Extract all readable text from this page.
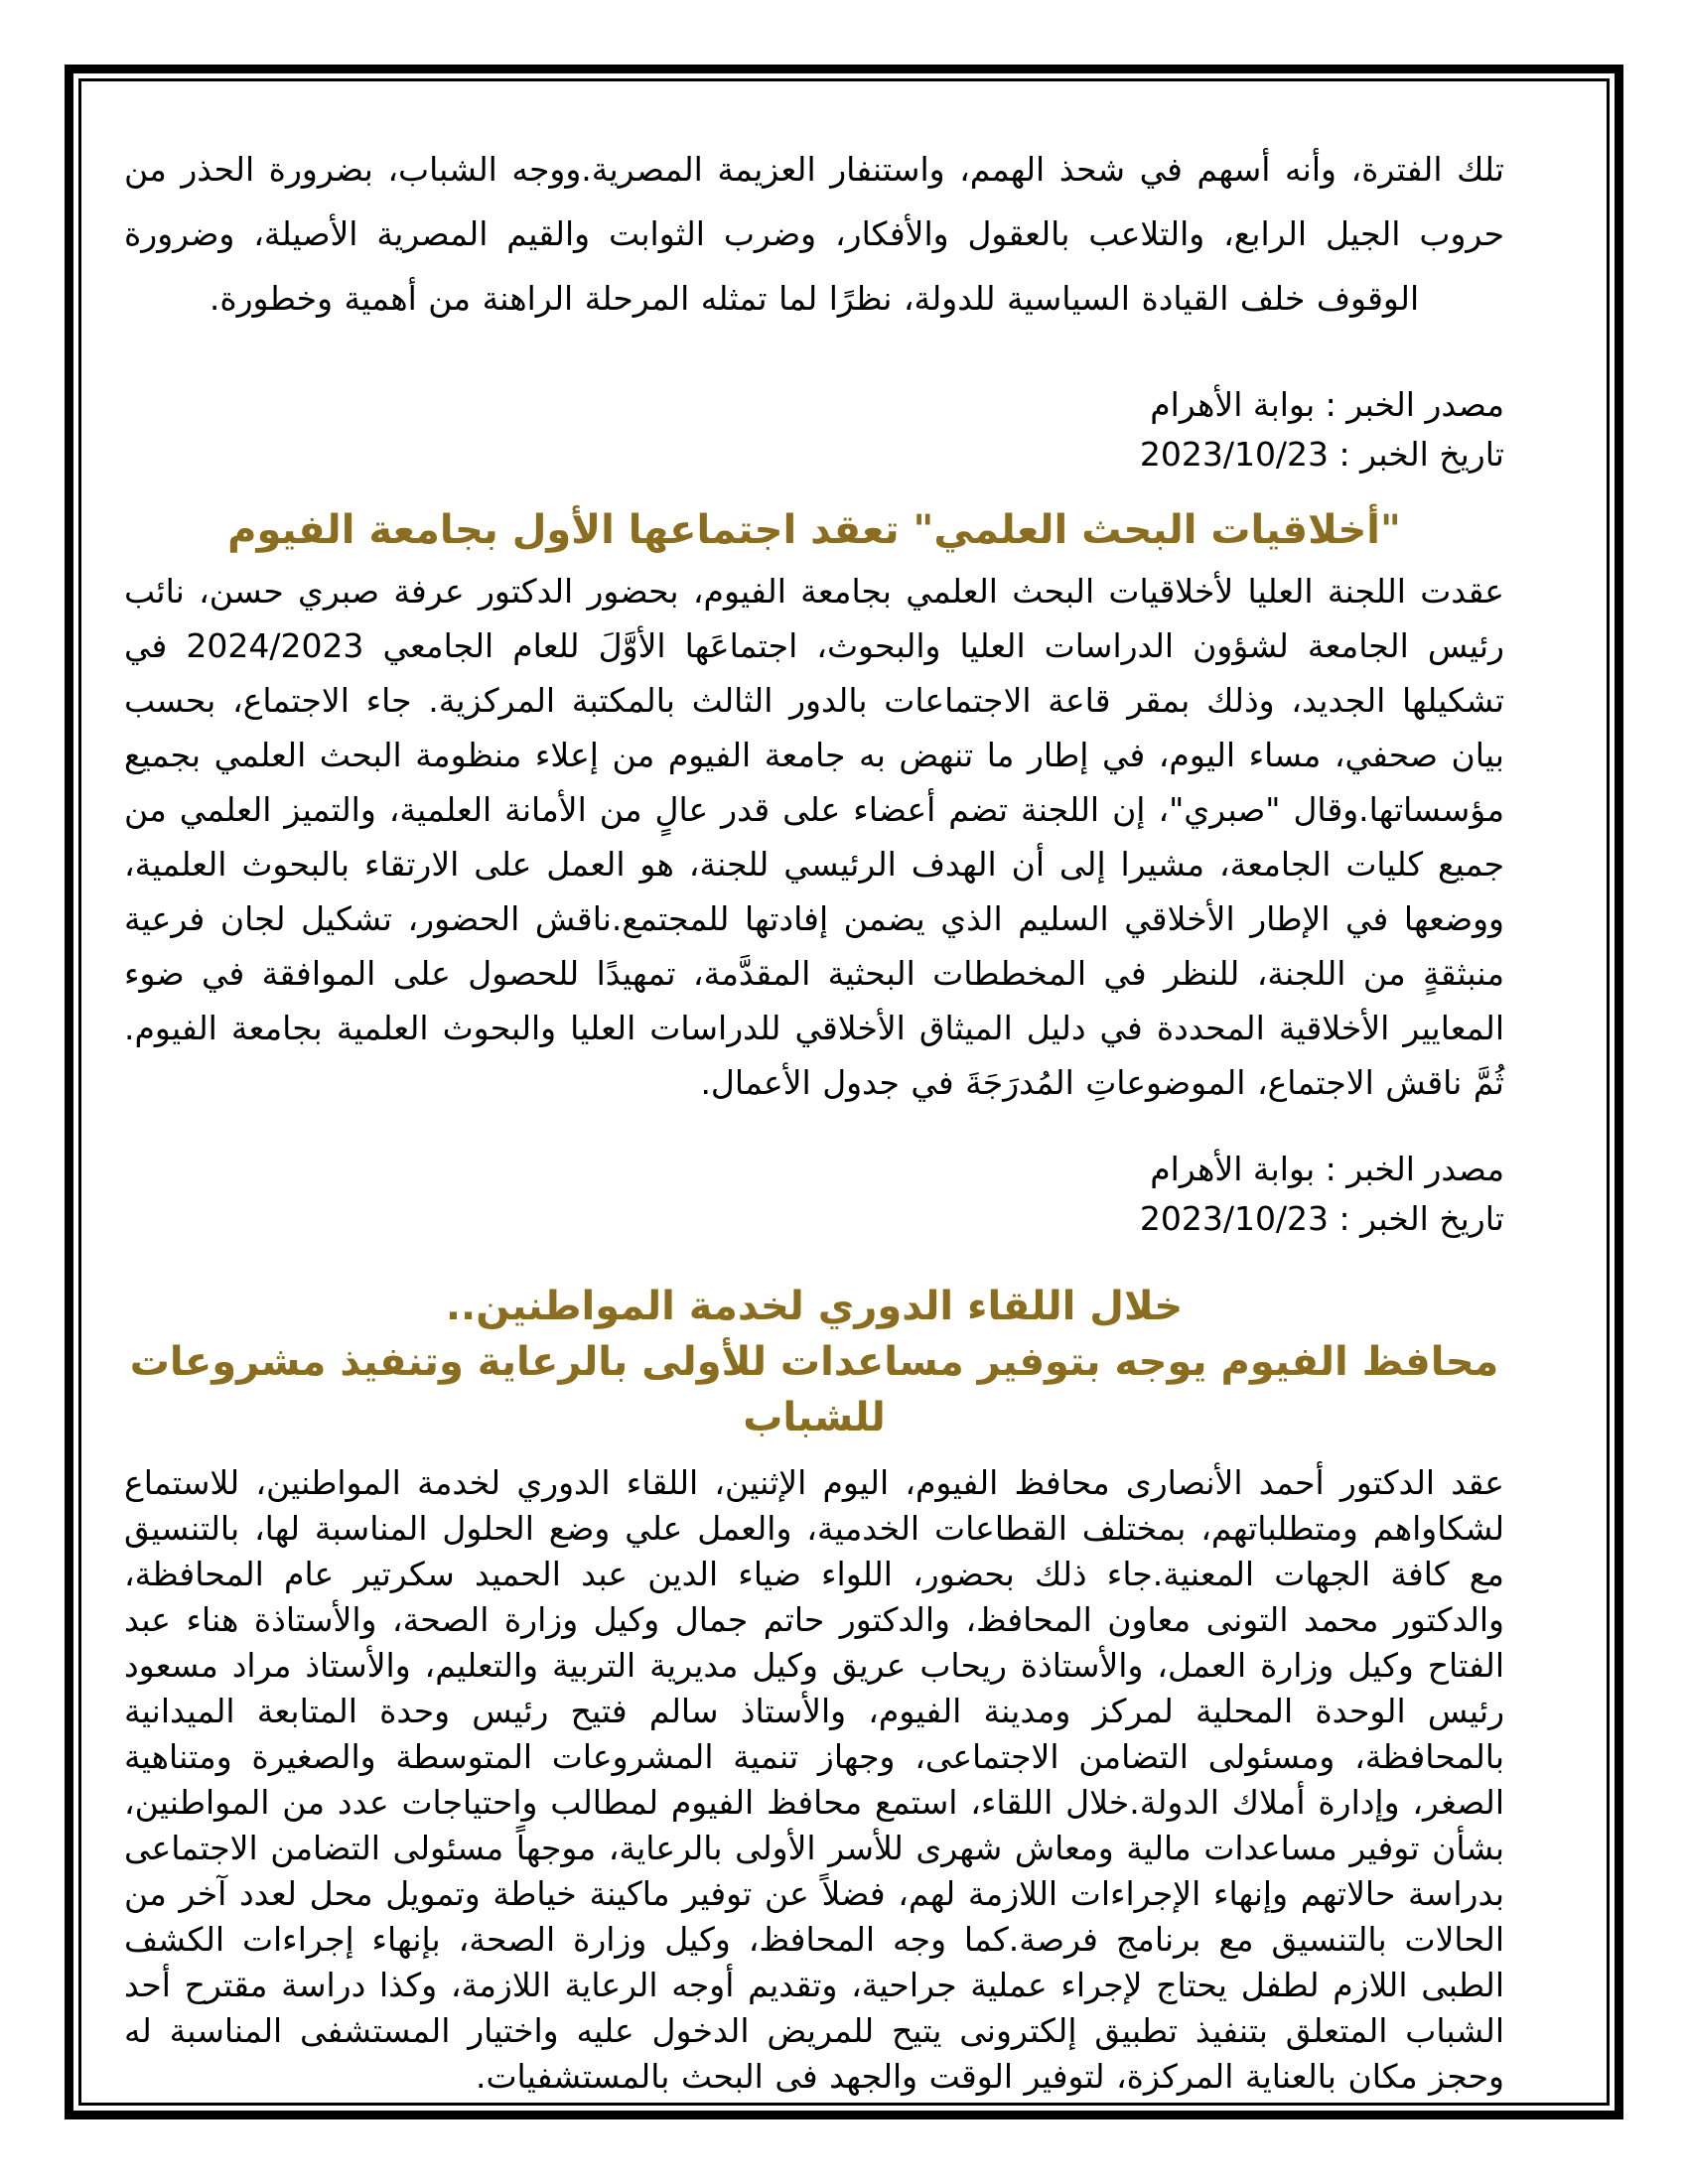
تلك الفترة، وأنه أسهم في شحذ الهمم، واستنفار العزيمة المصرية.ووجه الشباب، بضرورة الحذر من حروب الجيل الرابع، والتلاعب بالعقول والأفكار، وضرب الثوابت والقيم المصرية الأصيلة، وضرورة الوقوف خلف القيادة السياسية للدولة، نظرًا لما تمثله المرحلة الراهنة من أهمية وخطورة.

مصدر الخبر : بوابة الأهرام
تاريخ الخبر : 2023/10/23
"أخلاقيات البحث العلمي" تعقد اجتماعها الأول بجامعة الفيوم

عقدت اللجنة العليا لأخلاقيات البحث العلمي بجامعة الفيوم، بحضور الدكتور عرفة صبري حسن، نائب رئيس الجامعة لشؤون الدراسات العليا والبحوث، اجتماعَها الأوَّلَ للعام الجامعي 2024/2023 في تشكيلها الجديد، وذلك بمقر قاعة الاجتماعات بالدور الثالث بالمكتبة المركزية. جاء الاجتماع، بحسب بيان صحفي، مساء اليوم، في إطار ما تنهض به جامعة الفيوم من إعلاء منظومة البحث العلمي بجميع مؤسساتها.وقال "صبري"، إن اللجنة تضم أعضاء على قدر عالٍ من الأمانة العلمية، والتميز العلمي من جميع كليات الجامعة، مشيرا إلى أن الهدف الرئيسي للجنة، هو العمل على الارتقاء بالبحوث العلمية، ووضعها في الإطار الأخلاقي السليم الذي يضمن إفادتها للمجتمع.ناقش الحضور، تشكيل لجان فرعية منبثقةٍ من اللجنة، للنظر في المخططات البحثية المقدَّمة، تمهيدًا للحصول على الموافقة في ضوء المعايير الأخلاقية المحددة في دليل الميثاق الأخلاقي للدراسات العليا والبحوث العلمية بجامعة الفيوم. ثُمَّ ناقش الاجتماع، الموضوعاتِ المُدرَجَةَ في جدول الأعمال.

مصدر الخبر : بوابة الأهرام
تاريخ الخبر : 2023/10/23
خلال اللقاء الدوري لخدمة المواطنين..
محافظ الفيوم يوجه بتوفير مساعدات للأولى بالرعاية وتنفيذ مشروعات للشباب

عقد الدكتور أحمد الأنصارى محافظ الفيوم، اليوم الإثنين، اللقاء الدوري لخدمة المواطنين، للاستماع لشكاواهم ومتطلباتهم، بمختلف القطاعات الخدمية، والعمل علي وضع الحلول المناسبة لها، بالتنسيق مع كافة الجهات المعنية.جاء ذلك بحضور، اللواء ضياء الدين عبد الحميد سكرتير عام المحافظة، والدكتور محمد التونى معاون المحافظ، والدكتور حاتم جمال وكيل وزارة الصحة، والأستاذة هناء عبد الفتاح وكيل وزارة العمل، والأستاذة ريحاب عريق وكيل مديرية التربية والتعليم، والأستاذ مراد مسعود رئيس الوحدة المحلية لمركز ومدينة الفيوم، والأستاذ سالم فتيح رئيس وحدة المتابعة الميدانية بالمحافظة، ومسئولى التضامن الاجتماعى، وجهاز تنمية المشروعات المتوسطة والصغيرة ومتناهية الصغر، وإدارة أملاك الدولة.خلال اللقاء، استمع محافظ الفيوم لمطالب واحتياجات عدد من المواطنين، بشأن توفير مساعدات مالية ومعاش شهرى للأسر الأولى بالرعاية، موجهاً مسئولى التضامن الاجتماعى بدراسة حالاتهم وإنهاء الإجراءات اللازمة لهم، فضلاً عن توفير ماكينة خياطة وتمويل محل لعدد آخر من الحالات بالتنسيق مع برنامج فرصة.كما وجه المحافظ، وكيل وزارة الصحة، بإنهاء إجراءات الكشف الطبى اللازم لطفل يحتاج لإجراء عملية جراحية، وتقديم أوجه الرعاية اللازمة، وكذا دراسة مقترح أحد الشباب المتعلق بتنفيذ تطبيق إلكترونى يتيح للمريض الدخول عليه واختيار المستشفى المناسبة له وحجز مكان بالعناية المركزة، لتوفير الوقت والجهد فى البحث بالمستشفيات.
